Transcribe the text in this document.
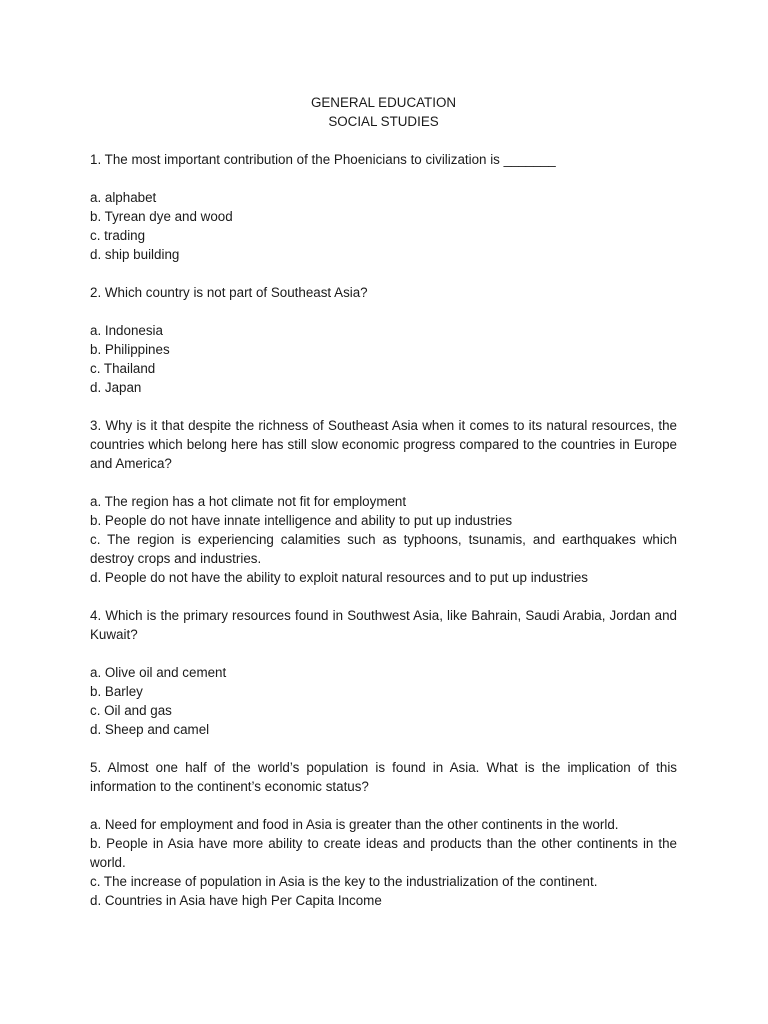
GENERAL EDUCATION

SOCIAL STUDIES

1. The most important contribution of the Phoenicians to civilization is _______

a. alphabet
b. Tyrean dye and wood
c. trading
d. ship building

2. Which country is not part of Southeast Asia?

a. Indonesia
b. Philippines
c. Thailand
d. Japan

3. Why is it that despite the richness of Southeast Asia when it comes to its natural resources, the countries which belong here has still slow economic progress compared to the countries in Europe and America?

a. The region has a hot climate not fit for employment
b. People do not have innate intelligence and ability to put up industries
c. The region is experiencing calamities such as typhoons, tsunamis, and earthquakes which destroy crops and industries.
d. People do not have the ability to exploit natural resources and to put up industries

4. Which is the primary resources found in Southwest Asia, like Bahrain, Saudi Arabia, Jordan and Kuwait?

a. Olive oil and cement
b. Barley
c. Oil and gas
d. Sheep and camel

5. Almost one half of the world’s population is found in Asia. What is the implication of this information to the continent’s economic status?

a. Need for employment and food in Asia is greater than the other continents in the world.
b. People in Asia have more ability to create ideas and products than the other continents in the world.
c. The increase of population in Asia is the key to the industrialization of the continent.
d. Countries in Asia have high Per Capita Income
